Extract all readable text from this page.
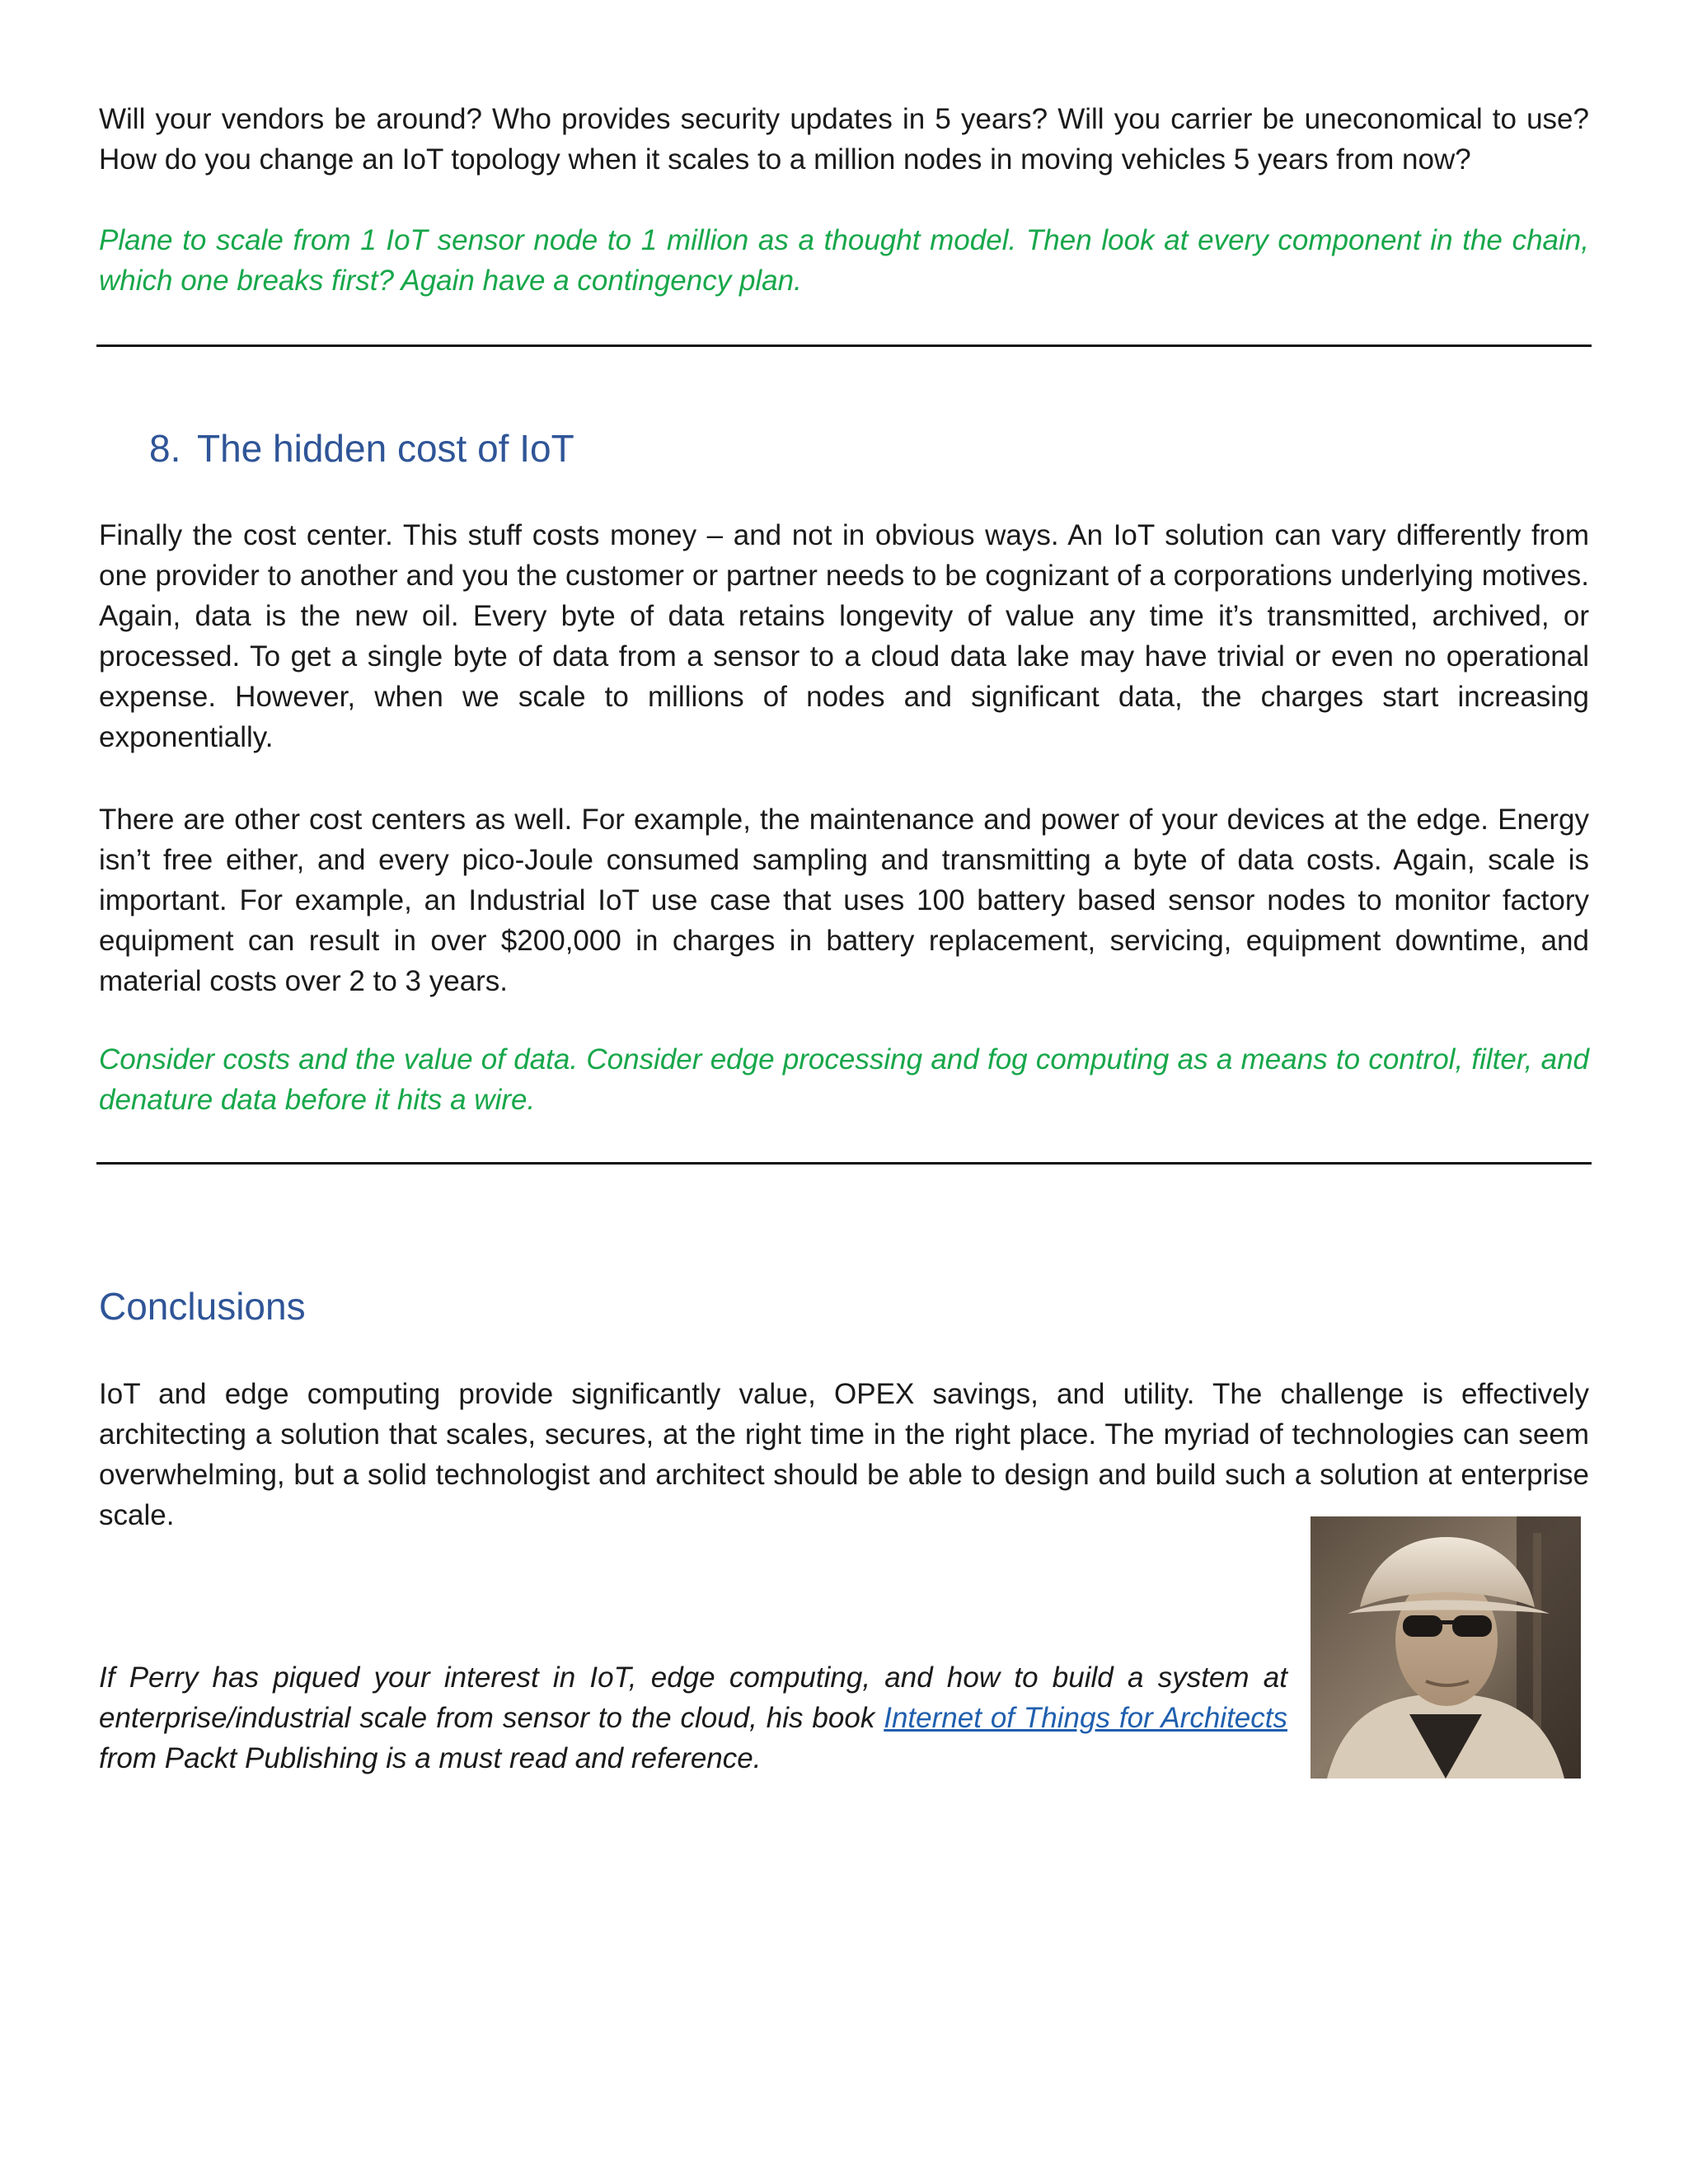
Will your vendors be around? Who provides security updates in 5 years? Will you carrier be uneconomical to use? How do you change an IoT topology when it scales to a million nodes in moving vehicles 5 years from now?

Plane to scale from 1 IoT sensor node to 1 million as a thought model. Then look at every component in the chain, which one breaks first? Again have a contingency plan.

8. The hidden cost of IoT

Finally the cost center. This stuff costs money – and not in obvious ways. An IoT solution can vary differently from one provider to another and you the customer or partner needs to be cognizant of a corporations underlying motives. Again, data is the new oil. Every byte of data retains longevity of value any time it’s transmitted, archived, or processed. To get a single byte of data from a sensor to a cloud data lake may have trivial or even no operational expense. However, when we scale to millions of nodes and significant data, the charges start increasing exponentially.

There are other cost centers as well. For example, the maintenance and power of your devices at the edge. Energy isn’t free either, and every pico-Joule consumed sampling and transmitting a byte of data costs. Again, scale is important. For example, an Industrial IoT use case that uses 100 battery based sensor nodes to monitor factory equipment can result in over $200,000 in charges in battery replacement, servicing, equipment downtime, and material costs over 2 to 3 years.

Consider costs and the value of data. Consider edge processing and fog computing as a means to control, filter, and denature data before it hits a wire.

Conclusions

IoT and edge computing provide significantly value, OPEX savings, and utility. The challenge is effectively architecting a solution that scales, secures, at the right time in the right place. The myriad of technologies can seem overwhelming, but a solid technologist and architect should be able to design and build such a solution at enterprise scale.

If Perry has piqued your interest in IoT, edge computing, and how to build a system at enterprise/industrial scale from sensor to the cloud, his book Internet of Things for Architects from Packt Publishing is a must read and reference.
